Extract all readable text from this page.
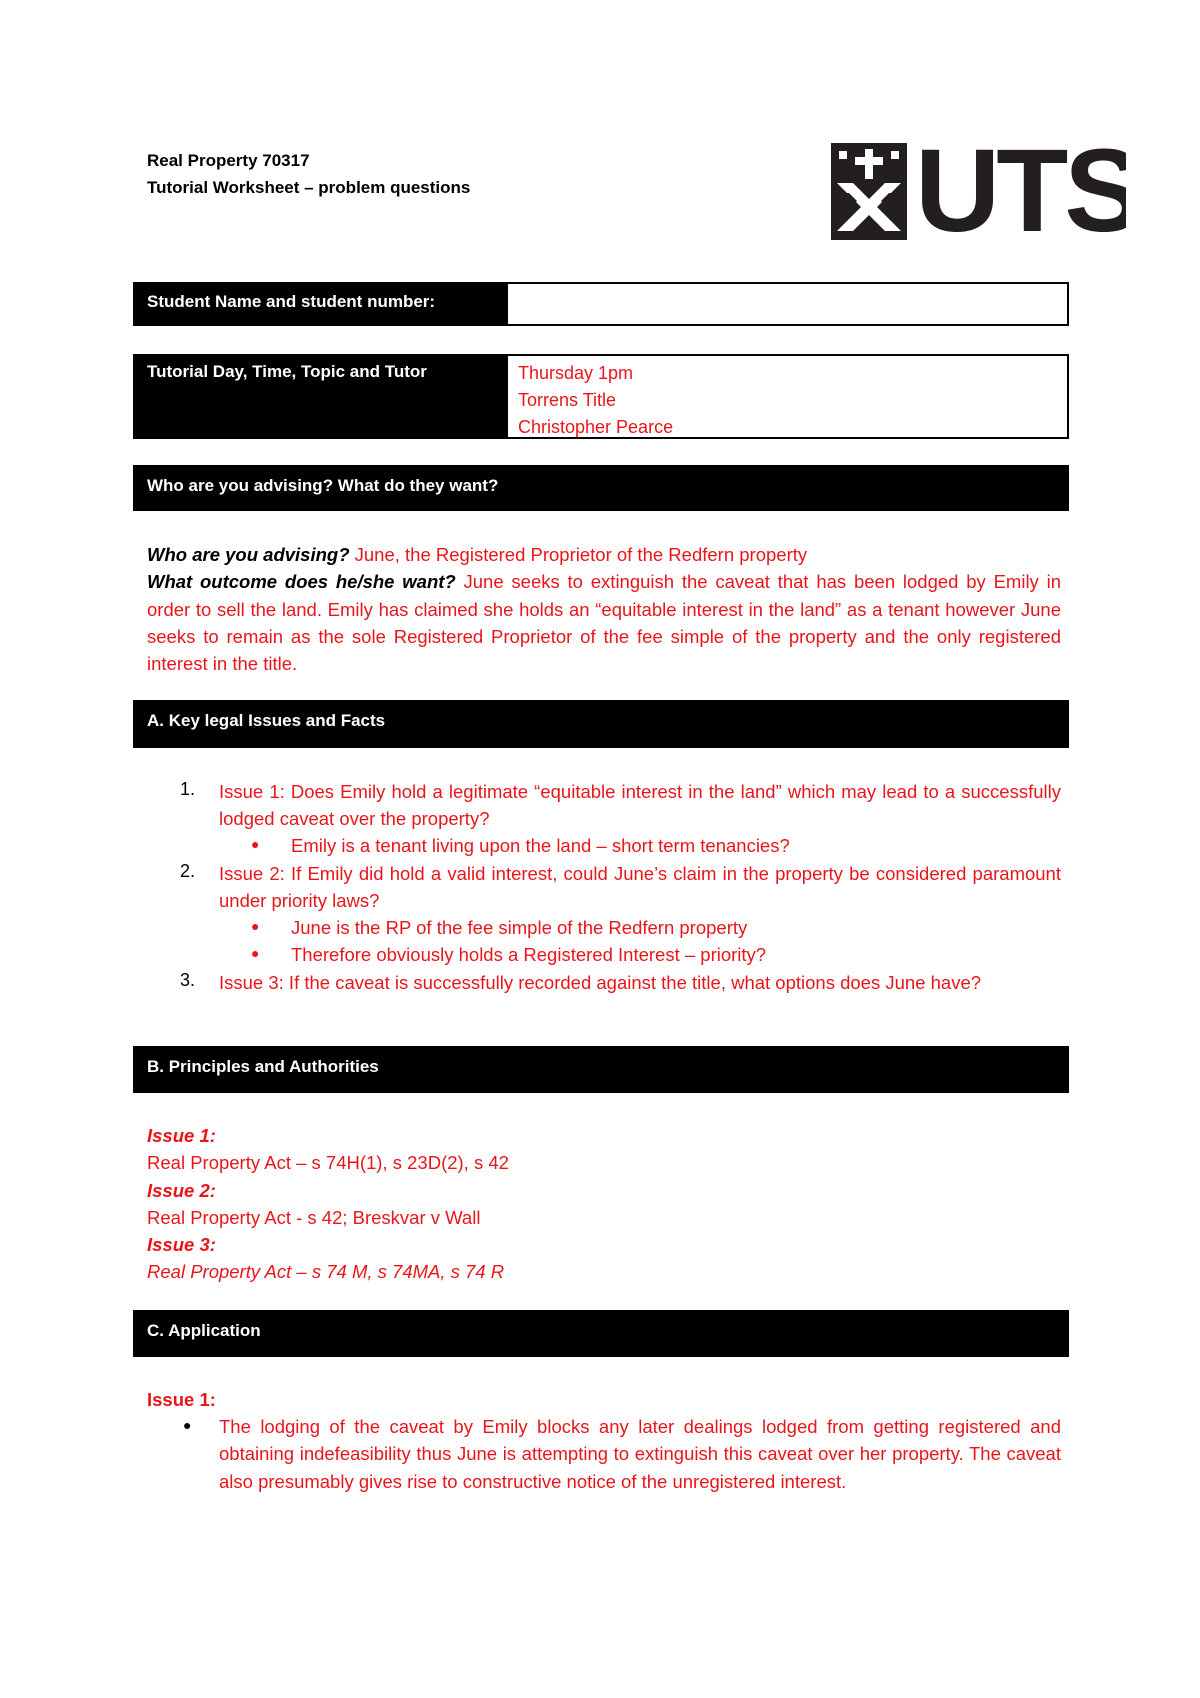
Real Property 70317
Tutorial Worksheet – problem questions	UTS
Student Name and student number:
Tutorial Day, Time, Topic and Tutor	Thursday 1pm
Torrens Title
Christopher Pearce
Who are you advising? What do they want?
Who are you advising? June, the Registered Proprietor of the Redfern property
What outcome does he/she want? June seeks to extinguish the caveat that has been lodged by Emily in order to sell the land. Emily has claimed she holds an “equitable interest in the land” as a tenant however June seeks to remain as the sole Registered Proprietor of the fee simple of the property and the only registered interest in the title.
A. Key legal Issues and Facts
1. Issue 1: Does Emily hold a legitimate “equitable interest in the land” which may lead to a successfully lodged caveat over the property?
● Emily is a tenant living upon the land – short term tenancies?
2. Issue 2: If Emily did hold a valid interest, could June’s claim in the property be considered paramount under priority laws?
● June is the RP of the fee simple of the Redfern property
● Therefore obviously holds a Registered Interest – priority?
3. Issue 3: If the caveat is successfully recorded against the title, what options does June have?
B. Principles and Authorities
Issue 1:
Real Property Act – s 74H(1), s 23D(2), s 42
Issue 2:
Real Property Act - s 42; Breskvar v Wall
Issue 3:
Real Property Act – s 74 M, s 74MA, s 74 R
C. Application
Issue 1:
● The lodging of the caveat by Emily blocks any later dealings lodged from getting registered and obtaining indefeasibility thus June is attempting to extinguish this caveat over her property. The caveat also presumably gives rise to constructive notice of the unregistered interest.
